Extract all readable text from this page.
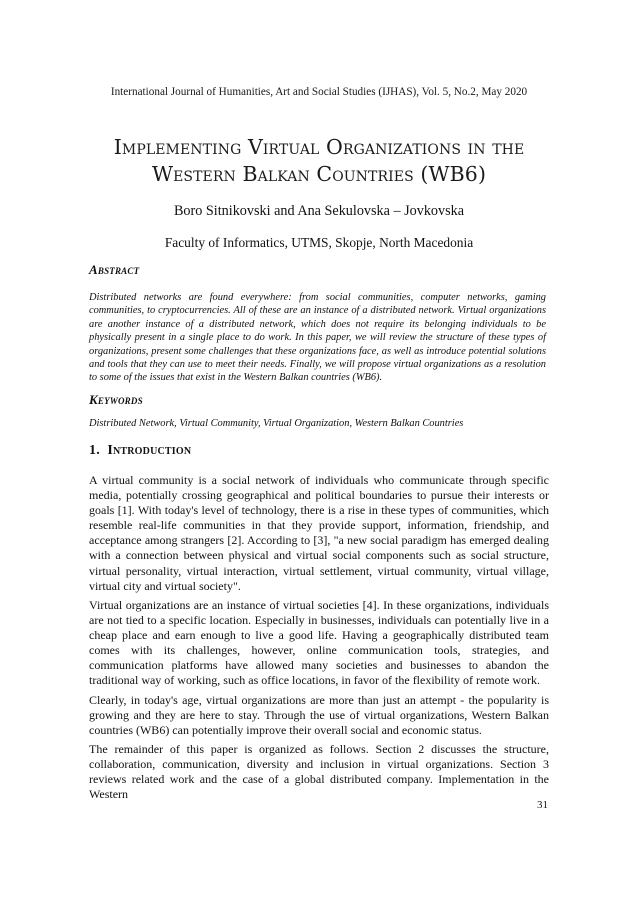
International Journal of Humanities, Art and Social Studies (IJHAS), Vol. 5, No.2, May 2020
Implementing Virtual Organizations in the
Western Balkan Countries (WB6)
Boro Sitnikovski and Ana Sekulovska – Jovkovska
Faculty of Informatics, UTMS, Skopje, North Macedonia
Abstract
Distributed networks are found everywhere: from social communities, computer networks, gaming communities, to cryptocurrencies. All of these are an instance of a distributed network. Virtual organizations are another instance of a distributed network, which does not require its belonging individuals to be physically present in a single place to do work. In this paper, we will review the structure of these types of organizations, present some challenges that these organizations face, as well as introduce potential solutions and tools that they can use to meet their needs. Finally, we will propose virtual organizations as a resolution to some of the issues that exist in the Western Balkan countries (WB6).
Keywords
Distributed Network, Virtual Community, Virtual Organization, Western Balkan Countries
1. Introduction
A virtual community is a social network of individuals who communicate through specific media, potentially crossing geographical and political boundaries to pursue their interests or goals [1]. With today's level of technology, there is a rise in these types of communities, which resemble real-life communities in that they provide support, information, friendship, and acceptance among strangers [2]. According to [3], "a new social paradigm has emerged dealing with a connection between physical and virtual social components such as social structure, virtual personality, virtual interaction, virtual settlement, virtual community, virtual village, virtual city and virtual society".
Virtual organizations are an instance of virtual societies [4]. In these organizations, individuals are not tied to a specific location. Especially in businesses, individuals can potentially live in a cheap place and earn enough to live a good life. Having a geographically distributed team comes with its challenges, however, online communication tools, strategies, and communication platforms have allowed many societies and businesses to abandon the traditional way of working, such as office locations, in favor of the flexibility of remote work.
Clearly, in today's age, virtual organizations are more than just an attempt - the popularity is growing and they are here to stay. Through the use of virtual organizations, Western Balkan countries (WB6) can potentially improve their overall social and economic status.
The remainder of this paper is organized as follows. Section 2 discusses the structure, collaboration, communication, diversity and inclusion in virtual organizations. Section 3 reviews related work and the case of a global distributed company. Implementation in the Western
31
